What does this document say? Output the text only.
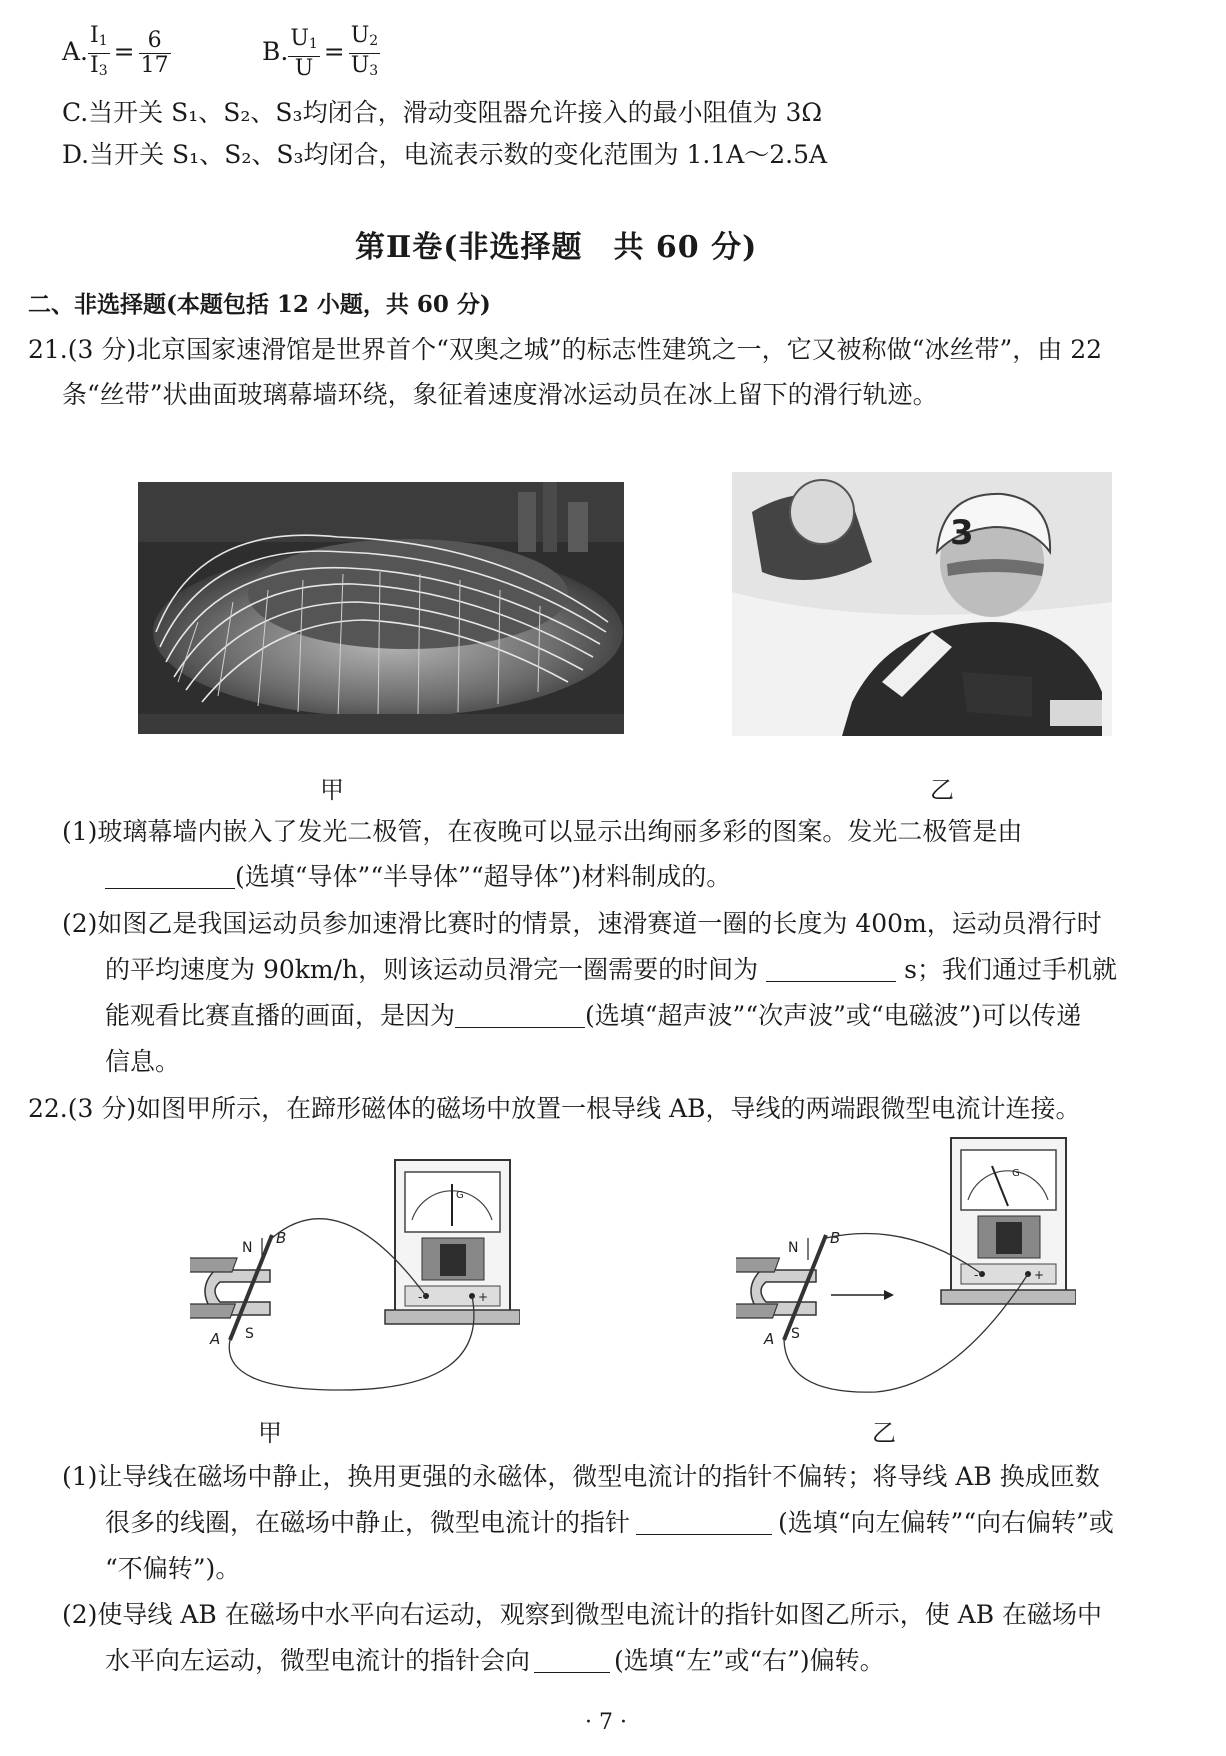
A. $\frac{I_1}{I_3} = \frac{6}{17}$	B. $\frac{U_1}{U} = \frac{U_2}{U_3}$
C.当开关 S₁、S₂、S₃均闭合，滑动变阻器允许接入的最小阻值为 3Ω
D.当开关 S₁、S₂、S₃均闭合，电流表示数的变化范围为 1.1A～2.5A
第Ⅱ卷(非选择题　共 60 分)
二、非选择题(本题包括 12 小题，共 60 分)
21.(3 分)北京国家速滑馆是世界首个“双奥之城”的标志性建筑之一，它又被称做“冰丝带”，由 22
条“丝带”状曲面玻璃幕墙环绕，象征着速度滑冰运动员在冰上留下的滑行轨迹。
3
甲	乙
(1)玻璃幕墙内嵌入了发光二极管，在夜晚可以显示出绚丽多彩的图案。发光二极管是由
(选填“导体”“半导体”“超导体”)材料制成的。
(2)如图乙是我国运动员参加速滑比赛时的情景，速滑赛道一圈的长度为 400m，运动员滑行时
的平均速度为 90km/h，则该运动员滑完一圈需要的时间为	s；我们通过手机就
能观看比赛直播的画面，是因为	(选填“超声波”“次声波”或“电磁波”)可以传递
信息。
22.(3 分)如图甲所示，在蹄形磁体的磁场中放置一根导线 AB，导线的两端跟微型电流计连接。
G
-	+
N
S
B
A
G
-	+
N
S
B
A
甲	乙
(1)让导线在磁场中静止，换用更强的永磁体，微型电流计的指针不偏转；将导线 AB 换成匝数
很多的线圈，在磁场中静止，微型电流计的指针	(选填“向左偏转”“向右偏转”或
“不偏转”)。
(2)使导线 AB 在磁场中水平向右运动，观察到微型电流计的指针如图乙所示，使 AB 在磁场中
水平向左运动，微型电流计的指针会向	(选填“左”或“右”)偏转。
· 7 ·
